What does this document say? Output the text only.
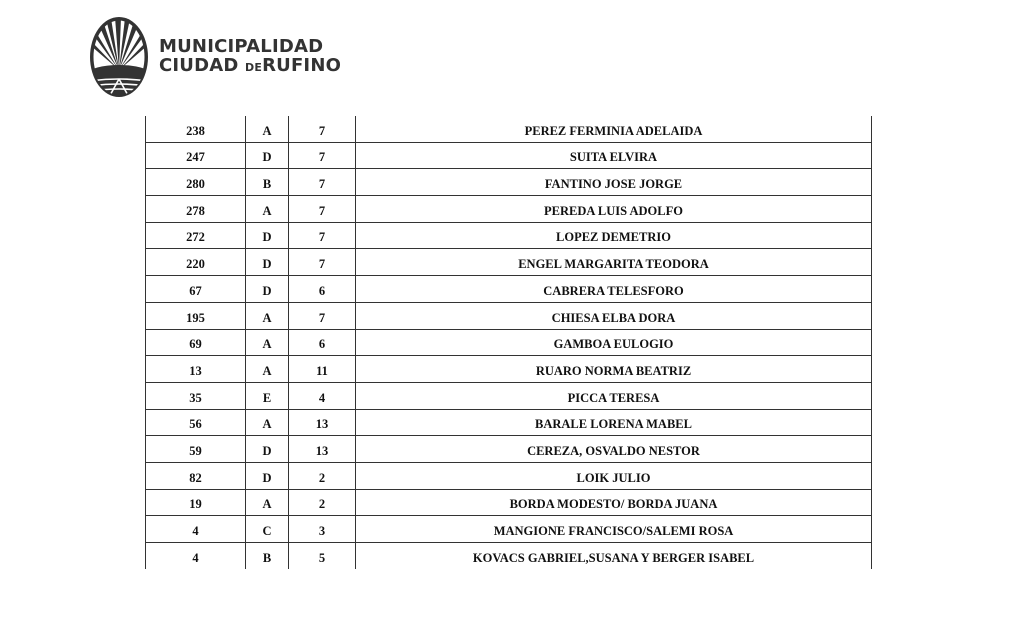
MUNICIPALIDAD
CIUDAD DERUFINO
238	A	7	PEREZ FERMINIA ADELAIDA
247	D	7	SUITA ELVIRA
280	B	7	FANTINO JOSE JORGE
278	A	7	PEREDA LUIS ADOLFO
272	D	7	LOPEZ DEMETRIO
220	D	7	ENGEL MARGARITA TEODORA
67	D	6	CABRERA TELESFORO
195	A	7	CHIESA ELBA DORA
69	A	6	GAMBOA EULOGIO
13	A	11	RUARO NORMA BEATRIZ
35	E	4	PICCA TERESA
56	A	13	BARALE LORENA MABEL
59	D	13	CEREZA, OSVALDO NESTOR
82	D	2	LOIK JULIO
19	A	2	BORDA MODESTO/ BORDA JUANA
4	C	3	MANGIONE FRANCISCO/SALEMI ROSA
4	B	5	KOVACS GABRIEL,SUSANA Y BERGER ISABEL
